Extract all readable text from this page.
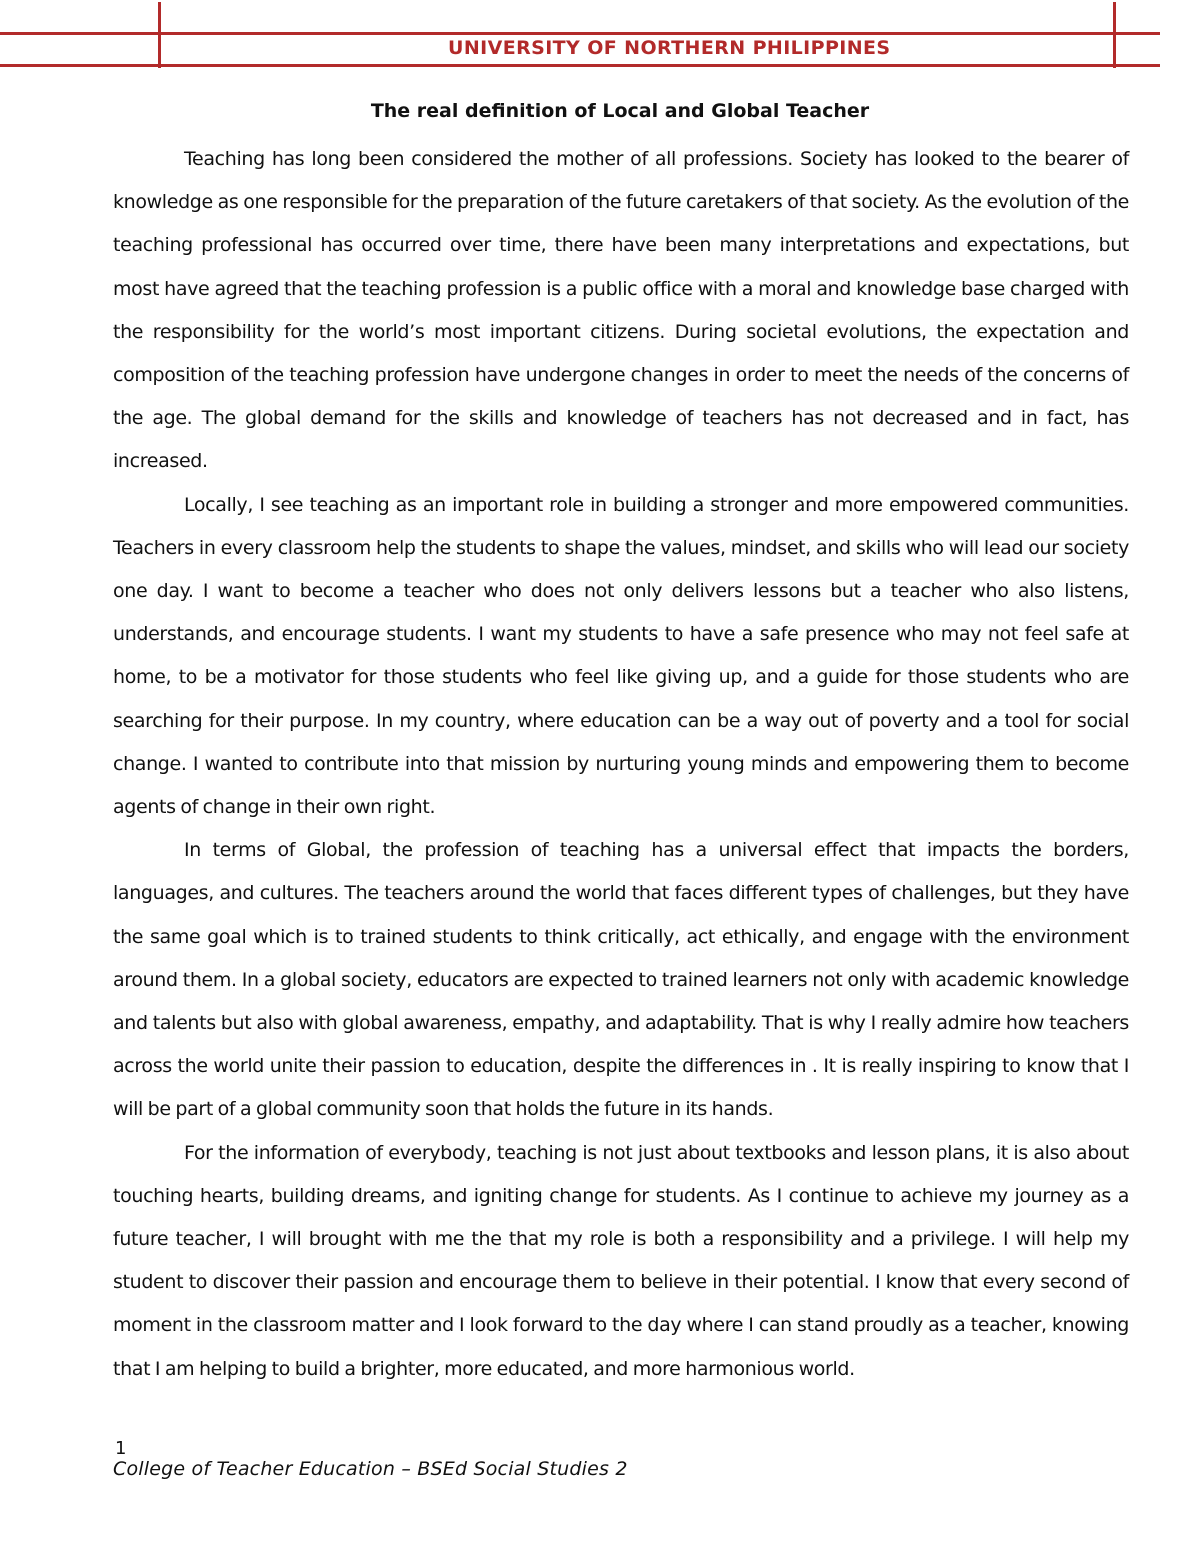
UNIVERSITY OF NORTHERN PHILIPPINES
The real definition of Local and Global Teacher

Teaching has long been considered the mother of all professions. Society has looked to the bearer of knowledge as one responsible for the preparation of the future caretakers of that society. As the evolution of the teaching professional has occurred over time, there have been many interpretations and expectations, but most have agreed that the teaching profession is a public office with a moral and knowledge base charged with the responsibility for the world’s most important citizens. During societal evolutions, the expectation and composition of the teaching profession have undergone changes in order to meet the needs of the concerns of the age. The global demand for the skills and knowledge of teachers has not decreased and in fact, has increased.

Locally, I see teaching as an important role in building a stronger and more empowered communities. Teachers in every classroom help the students to shape the values, mindset, and skills who will lead our society one day. I want to become a teacher who does not only delivers lessons but a teacher who also listens, understands, and encourage students. I want my students to have a safe presence who may not feel safe at home, to be a motivator for those students who feel like giving up, and a guide for those students who are searching for their purpose. In my country, where education can be a way out of poverty and a tool for social change. I wanted to contribute into that mission by nurturing young minds and empowering them to become agents of change in their own right.

In terms of Global, the profession of teaching has a universal effect that impacts the borders, languages, and cultures. The teachers around the world that faces different types of challenges, but they have the same goal which is to trained students to think critically, act ethically, and engage with the environment around them. In a global society, educators are expected to trained learners not only with academic knowledge and talents but also with global awareness, empathy, and adaptability. That is why I really admire how teachers across the world unite their passion to education, despite the differences in . It is really inspiring to know that I will be part of a global community soon that holds the future in its hands.

For the information of everybody, teaching is not just about textbooks and lesson plans, it is also about touching hearts, building dreams, and igniting change for students. As I continue to achieve my journey as a future teacher, I will brought with me the that my role is both a responsibility and a privilege. I will help my student to discover their passion and encourage them to believe in their potential. I know that every second of moment in the classroom matter and I look forward to the day where I can stand proudly as a teacher, knowing that I am helping to build a brighter, more educated, and more harmonious world.

1
College of Teacher Education – BSEd Social Studies 2
